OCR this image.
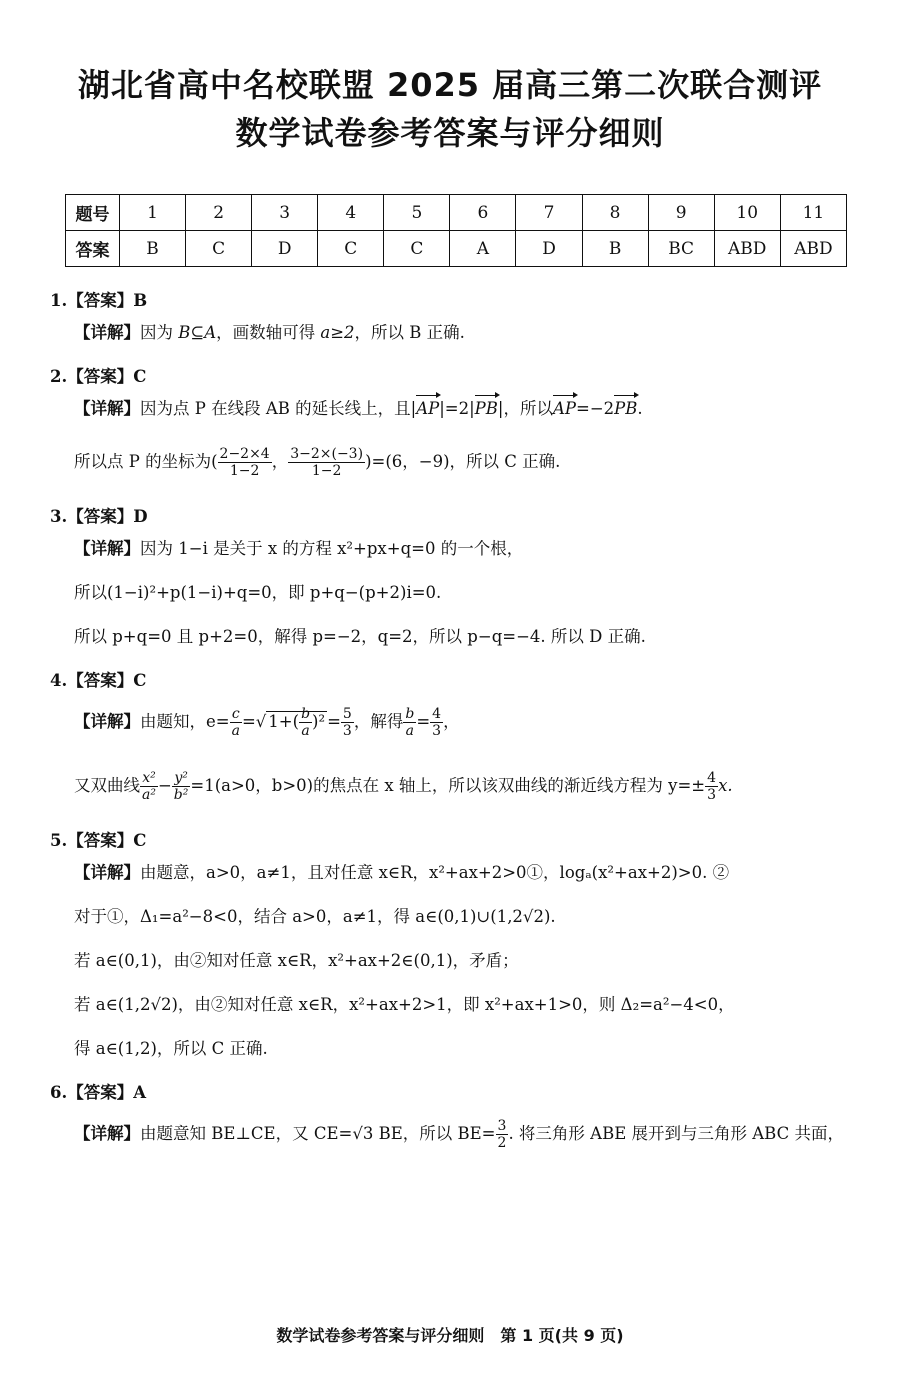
湖北省高中名校联盟 2025 届高三第二次联合测评
数学试卷参考答案与评分细则
题号	1	2	3	4	5	6	7	8	9	10	11
答案	B	C	D	C	C	A	D	B	BC	ABD	ABD

1.【答案】B

【详解】因为 B⊆A，画数轴可得 a≥2，所以 B 正确.

2.【答案】C

【详解】因为点 P 在线段 AB 的延长线上，且|AP|=2|PB|，所以AP=−2PB.

所以点 P 的坐标为( $\frac{2-2\times 4}{1-2}$ ， $\frac{3-2\times(-3)}{1-2} )=(6$，−9)，所以 C 正确.

3.【答案】D

【详解】因为 1−i 是关于 x 的方程 x²+px+q=0 的一个根，

所以(1−i)²+p(1−i)+q=0，即 p+q−(p+2)i=0.

所以 p+q=0 且 p+2=0，解得 p=−2，q=2，所以 p−q=−4. 所以 D 正确.

4.【答案】C

【详解】由题知，$e= \frac{c}{a}$ =√ $1+( \frac{b}{a} )^2 = \frac{5}{3}$ ，解得 $\frac{b}{a} = \frac{4}{3}$ ，

又双曲线 $\frac{\text{x²}}{\text{a²}} - \frac{\text{y²}}{\text{b²}} =1(a>0$，b>0)的焦点在 x 轴上，所以该双曲线的渐近线方程为 $y=\pm \frac{4}{3} x$.

5.【答案】C

【详解】由题意，a>0，a≠1，且对任意 x∈R，x²+ax+2>0①，logₐ(x²+ax+2)>0. ②

对于①，Δ₁=a²−8<0，结合 a>0，a≠1，得 a∈(0,1)∪(1,2√2).

若 a∈(0,1)，由②知对任意 x∈R，x²+ax+2∈(0,1)，矛盾；

若 a∈(1,2√2)，由②知对任意 x∈R，x²+ax+2>1，即 x²+ax+1>0，则 Δ₂=a²−4<0，

得 a∈(1,2)，所以 C 正确.

6.【答案】A

【详解】由题意知 BE⊥CE，又 CE=√3 BE，所以 $BE= \frac{3}{2}$ . 将三角形 ABE 展开到与三角形 ABC 共面，

数学试卷参考答案与评分细则　第 1 页(共 9 页)
